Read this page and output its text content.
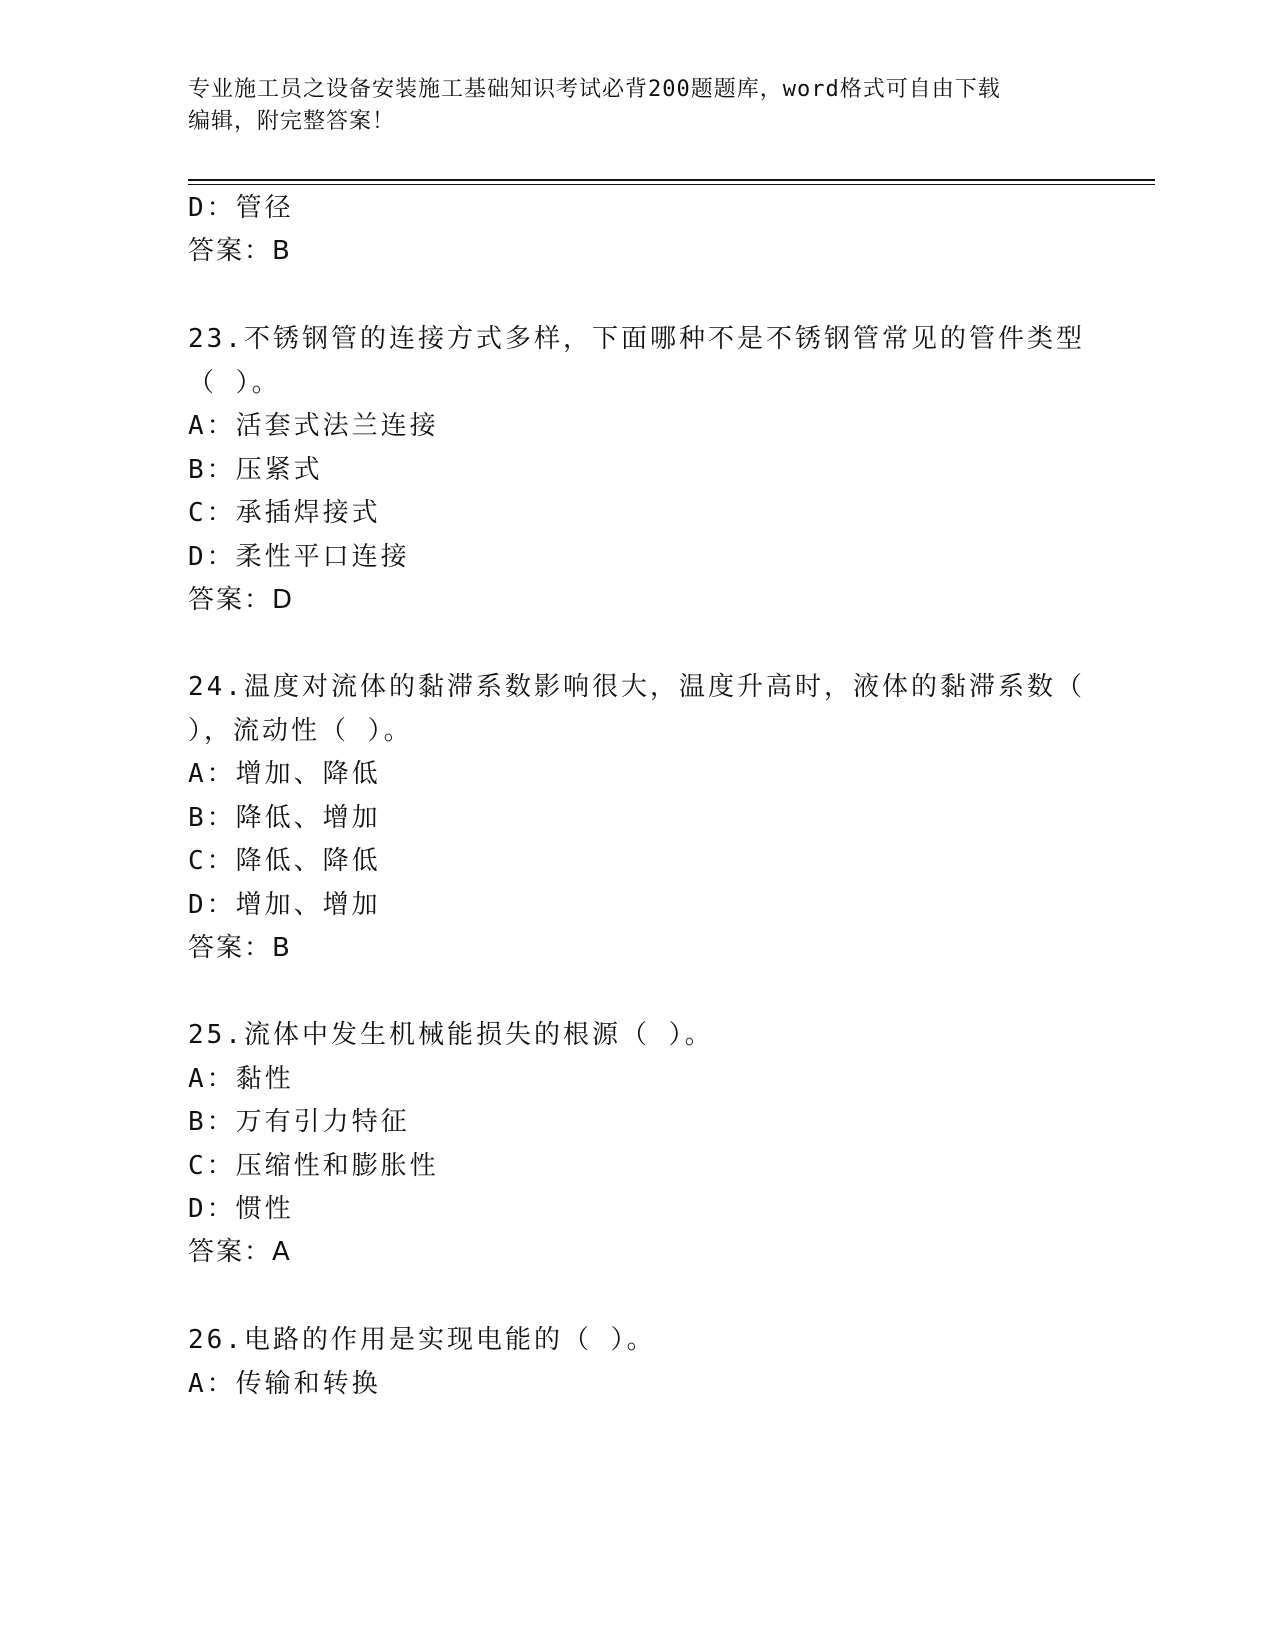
专业施工员之设备安装施工基础知识考试必背200题题库，word格式可自由下载
编辑，附完整答案！
D：管径
答案：B
23.不锈钢管的连接方式多样，下面哪种不是不锈钢管常见的管件类型
（ ）。
A：活套式法兰连接
B：压紧式
C：承插焊接式
D：柔性平口连接
答案：D
24.温度对流体的黏滞系数影响很大，温度升高时，液体的黏滞系数（
），流动性（ ）。
A：增加、降低
B：降低、增加
C：降低、降低
D：增加、增加
答案：B
25.流体中发生机械能损失的根源（ ）。
A：黏性
B：万有引力特征
C：压缩性和膨胀性
D：惯性
答案：A
26.电路的作用是实现电能的（ ）。
A：传输和转换
